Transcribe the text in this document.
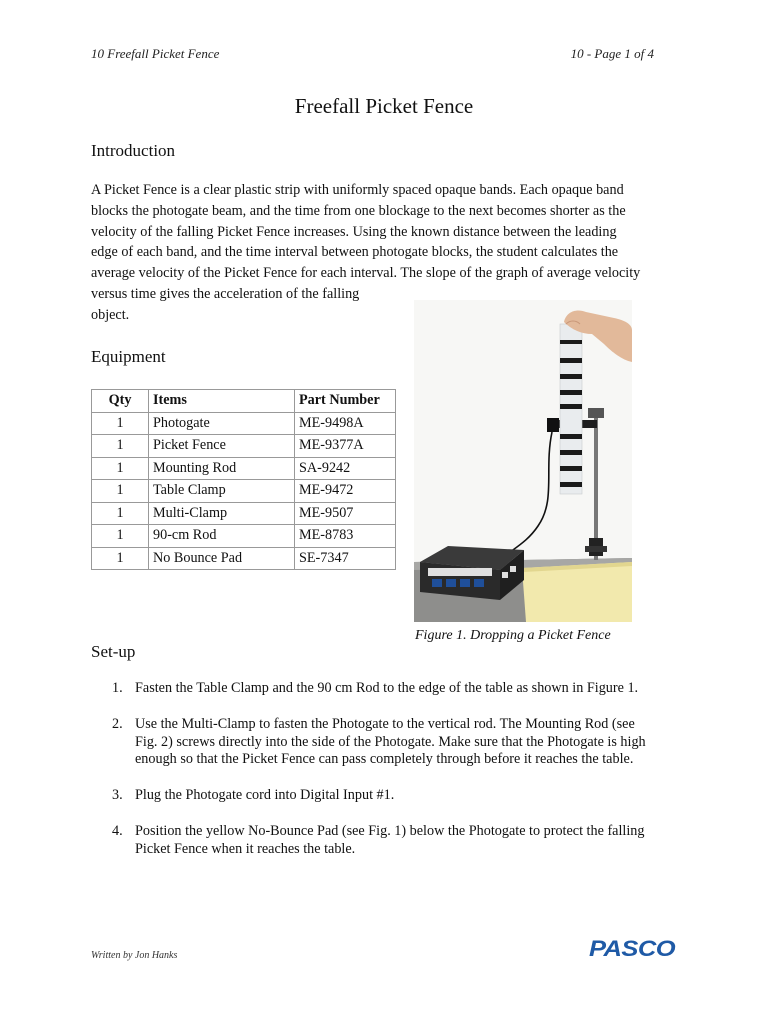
10 Freefall Picket Fence	10 - Page 1 of 4
Freefall Picket Fence
Introduction

A Picket Fence is a clear plastic strip with uniformly spaced opaque bands. Each opaque band
blocks the photogate beam, and the time from one blockage to the next becomes shorter as the
velocity of the falling Picket Fence increases. Using the known distance between the leading
edge of each band, and the time interval between photogate blocks, the student calculates the
average velocity of the Picket Fence for each interval. The slope of the graph of average velocity
versus time gives the acceleration of the falling
object.

Equipment
Qty	Items	Part Number
1	Photogate	ME-9498A
1	Picket Fence	ME-9377A
1	Mounting Rod	SA-9242
1	Table Clamp	ME-9472
1	Multi-Clamp	ME-9507
1	90-cm Rod	ME-8783
1	No Bounce Pad	SE-7347
Figure 1. Dropping a Picket Fence
Set-up
1. Fasten the Table Clamp and the 90 cm Rod to the edge of the table as shown in Figure 1.
2. Use the Multi-Clamp to fasten the Photogate to the vertical rod. The Mounting Rod (see
Fig. 2) screws directly into the side of the Photogate. Make sure that the Photogate is high
enough so that the Picket Fence can pass completely through before it reaches the table.
3. Plug the Photogate cord into Digital Input #1.
4. Position the yellow No-Bounce Pad (see Fig. 1) below the Photogate to protect the falling
Picket Fence when it reaches the table.
Written by Jon Hanks	PASCO
